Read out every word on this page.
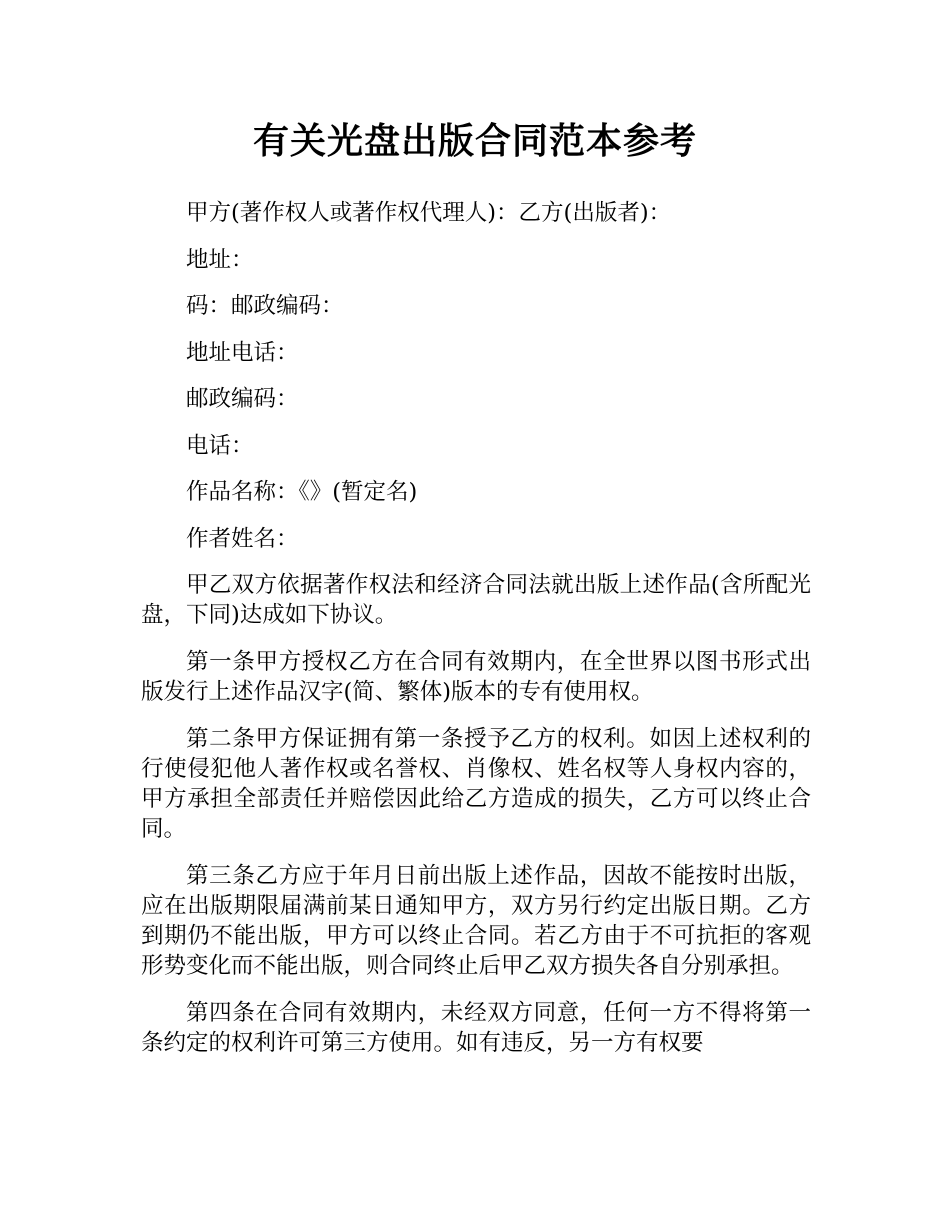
有关光盘出版合同范本参考

甲方(著作权人或著作权代理人)：乙方(出版者)：

地址：

码：邮政编码：

地址电话：

邮政编码：

电话：

作品名称：《》(暂定名)

作者姓名：

甲乙双方依据著作权法和经济合同法就出版上述作品(含所配光盘，下同)达成如下协议。

第一条甲方授权乙方在合同有效期内，在全世界以图书形式出版发行上述作品汉字(简、繁体)版本的专有使用权。

第二条甲方保证拥有第一条授予乙方的权利。如因上述权利的行使侵犯他人著作权或名誉权、肖像权、姓名权等人身权内容的，甲方承担全部责任并赔偿因此给乙方造成的损失，乙方可以终止合同。

第三条乙方应于年月日前出版上述作品，因故不能按时出版，应在出版期限届满前某日通知甲方，双方另行约定出版日期。乙方到期仍不能出版，甲方可以终止合同。若乙方由于不可抗拒的客观形势变化而不能出版，则合同终止后甲乙双方损失各自分别承担。

第四条在合同有效期内，未经双方同意，任何一方不得将第一条约定的权利许可第三方使用。如有违反，另一方有权要
